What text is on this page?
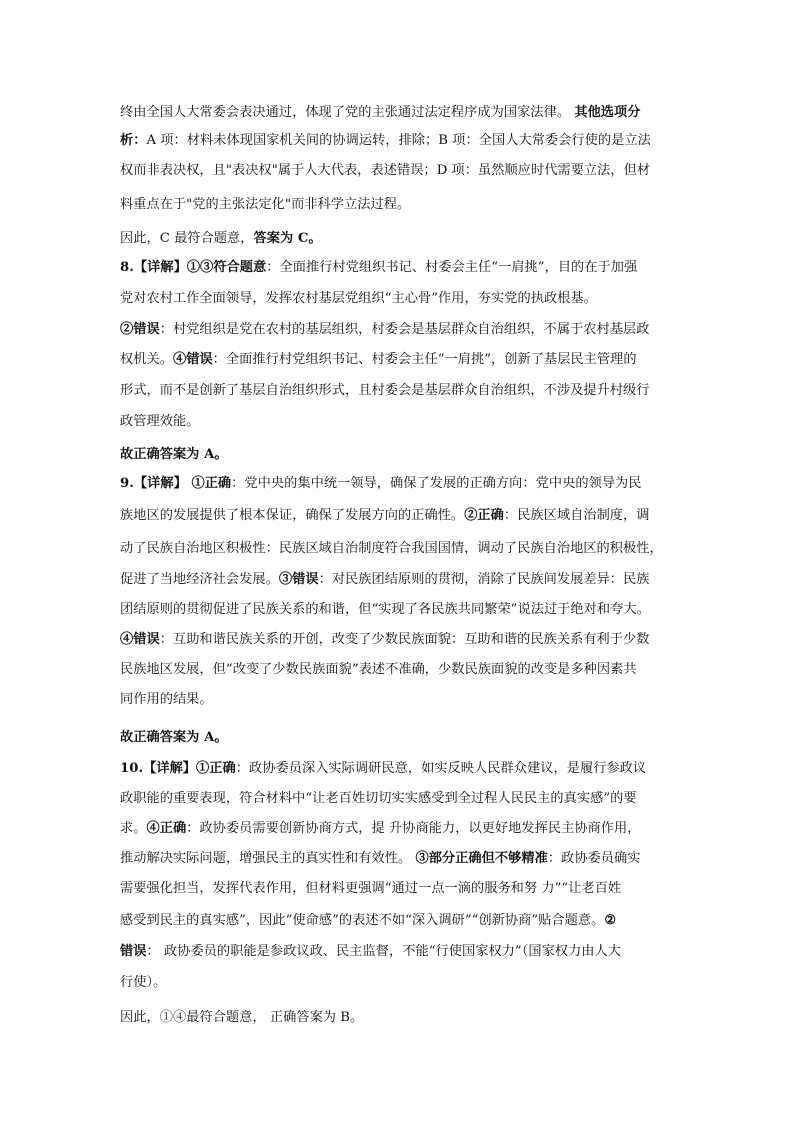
终由全国人大常委会表决通过，体现了党的主张通过法定程序成为国家法律。 其他选项分
析：A 项：材料未体现国家机关间的协调运转，排除；B 项：全国人大常委会行使的是立法
权而非表决权，且"表决权"属于人大代表，表述错误；D 项：虽然顺应时代需要立法，但材
料重点在于"党的主张法定化"而非科学立法过程。
因此，C 最符合题意，答案为 C。
8.【详解】①③符合题意：全面推行村党组织书记、村委会主任“一肩挑”，目的在于加强
党对农村工作全面领导，发挥农村基层党组织“主心骨”作用，夯实党的执政根基。
②错误：村党组织是党在农村的基层组织，村委会是基层群众自治组织，不属于农村基层政
权机关。④错误：全面推行村党组织书记、村委会主任“一肩挑”，创新了基层民主管理的
形式，而不是创新了基层自治组织形式，且村委会是基层群众自治组织，不涉及提升村级行
政管理效能。
故正确答案为 A。
9.【详解】 ①正确：党中央的集中统一领导，确保了发展的正确方向：党中央的领导为民
族地区的发展提供了根本保证，确保了发展方向的正确性。②正确：民族区域自治制度，调
动了民族自治地区积极性：民族区域自治制度符合我国国情，调动了民族自治地区的积极性，
促进了当地经济社会发展。③错误：对民族团结原则的贯彻，消除了民族间发展差异：民族
团结原则的贯彻促进了民族关系的和谐，但“实现了各民族共同繁荣”说法过于绝对和夸大。
④错误：互助和谐民族关系的开创，改变了少数民族面貌：互助和谐的民族关系有利于少数
民族地区发展，但“改变了少数民族面貌”表述不准确，少数民族面貌的改变是多种因素共
同作用的结果。
故正确答案为 A。
10.【详解】①正确：政协委员深入实际调研民意，如实反映人民群众建议，是履行参政议
政职能的重要表现，符合材料中“让老百姓切切实实感受到全过程人民民主的真实感”的要
求。④正确：政协委员需要创新协商方式，提 升协商能力，以更好地发挥民主协商作用，
推动解决实际问题，增强民主的真实性和有效性。 ③部分正确但不够精准：政协委员确实
需要强化担当，发挥代表作用，但材料更强调“通过一点一滴的服务和努 力”“让老百姓
感受到民主的真实感”，因此“使命感”的表述不如“深入调研”“创新协商”贴合题意。②
错误： 政协委员的职能是参政议政、民主监督，不能“行使国家权力”（国家权力由人大
行使）。
因此，①④最符合题意， 正确答案为 B。
